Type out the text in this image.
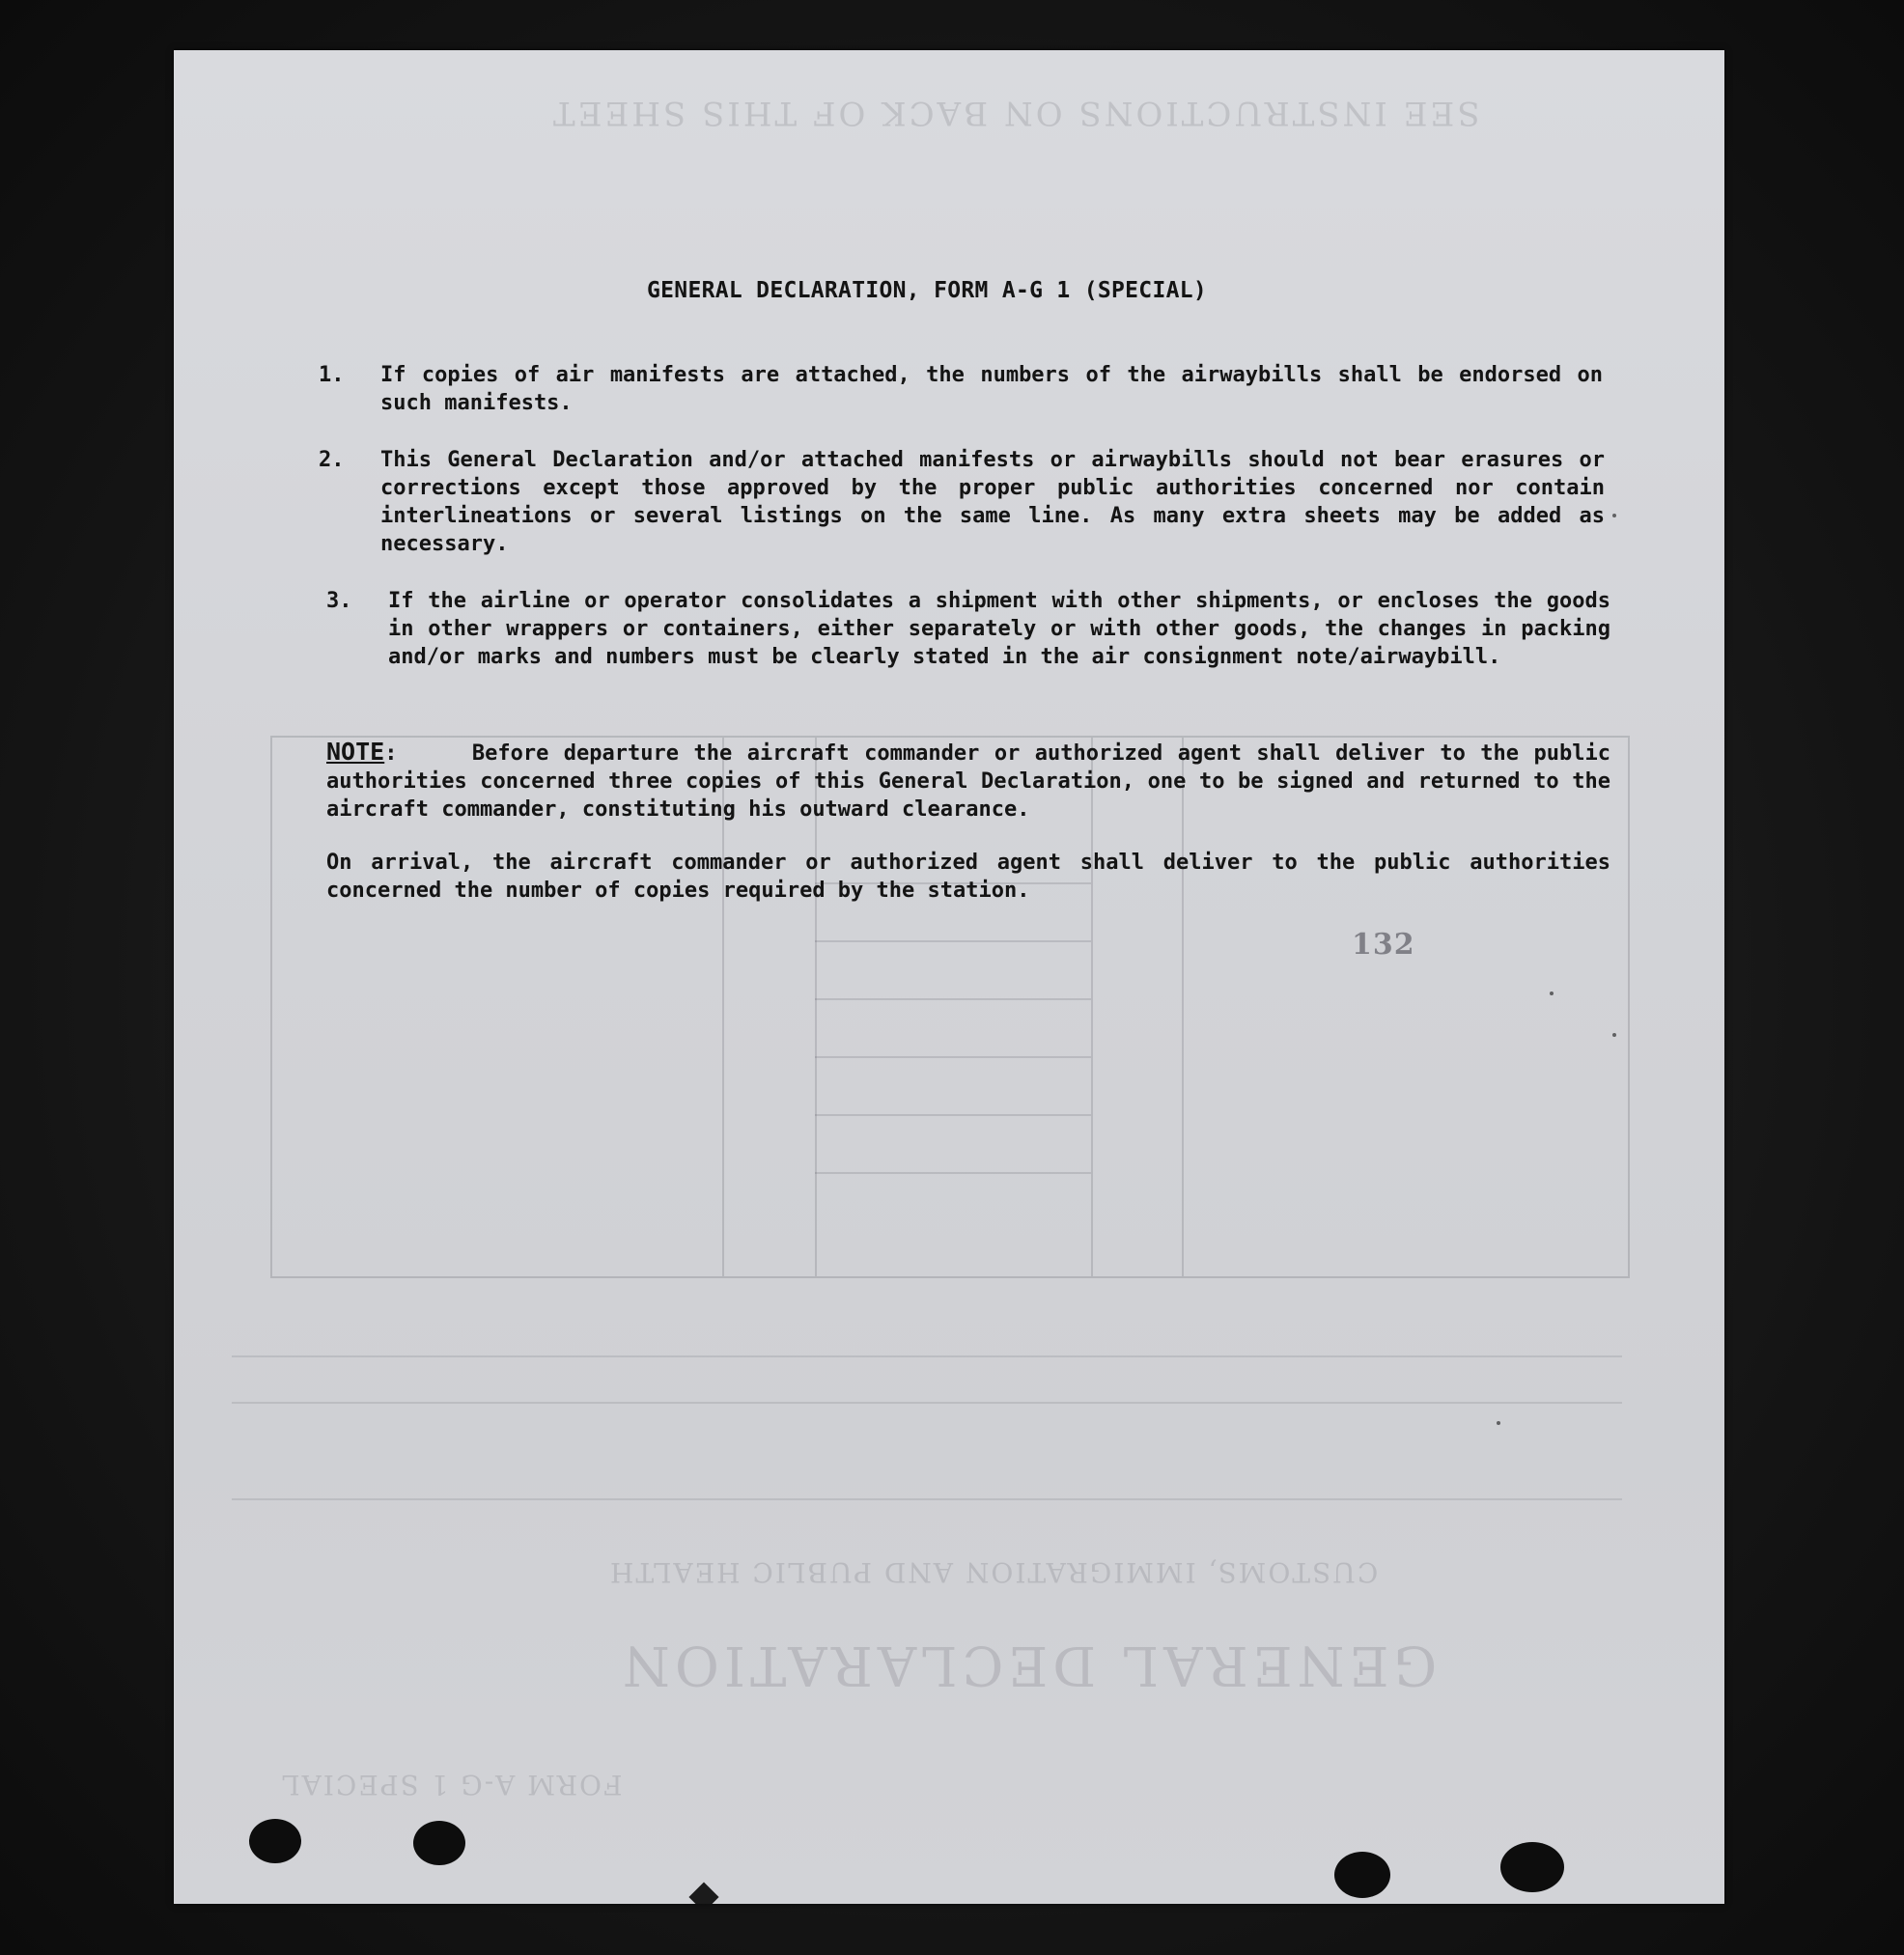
SEE INSTRUCTIONS ON BACK OF THIS SHEET
CUSTOMS, IMMIGRATION AND PUBLIC HEALTH
GENERAL DECLARATION
FORM A-G 1 SPECIAL
GENERAL DECLARATION, FORM A-G 1 (SPECIAL)
1. If copies of air manifests are attached, the numbers of the airwaybills shall be endorsed on such manifests.
2. This General Declaration and/or attached manifests or airwaybills should not bear erasures or corrections except those approved by the proper public authorities concerned nor contain interlineations or several listings on the same line. As many extra sheets may be added as necessary.
3. If the airline or operator consolidates a shipment with other shipments, or encloses the goods in other wrappers or containers, either separately or with other goods, the changes in packing and/or marks and numbers must be clearly stated in the air consignment note/airwaybill.

NOTE:     Before departure the aircraft commander or authorized agent shall deliver to the public authorities concerned three copies of this General Declaration, one to be signed and returned to the aircraft commander, constituting his outward clearance.

On arrival, the aircraft commander or authorized agent shall deliver to the public authorities concerned the number of copies required by the station.

132
